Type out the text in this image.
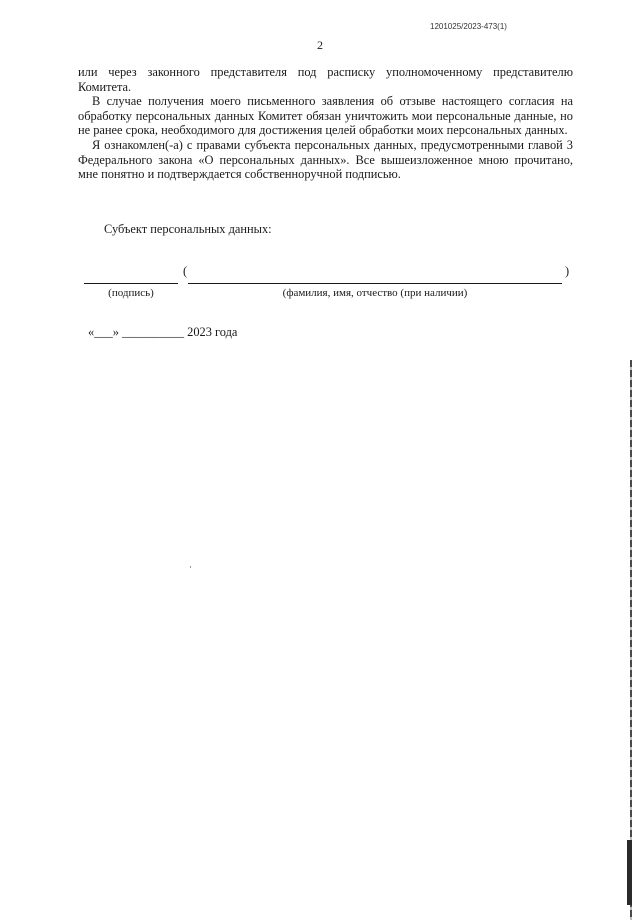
1201025/2023-473(1)
2

или через законного представителя под расписку уполномоченному представителю Комитета.

В случае получения моего письменного заявления об отзыве настоящего согласия на обработку персональных данных Комитет обязан уничтожить мои персональные данные, но не ранее срока, необходимого для достижения целей обработки моих персональных данных.

Я ознакомлен(-а) с правами субъекта персональных данных, предусмотренными главой 3 Федерального закона «О персональных данных». Все вышеизложенное мною прочитано, мне понятно и подтверждается собственноручной подписью.

Субъект персональных данных:
(	)
(подпись)	(фамилия, имя, отчество (при наличии)
«___» __________ 2023 года
